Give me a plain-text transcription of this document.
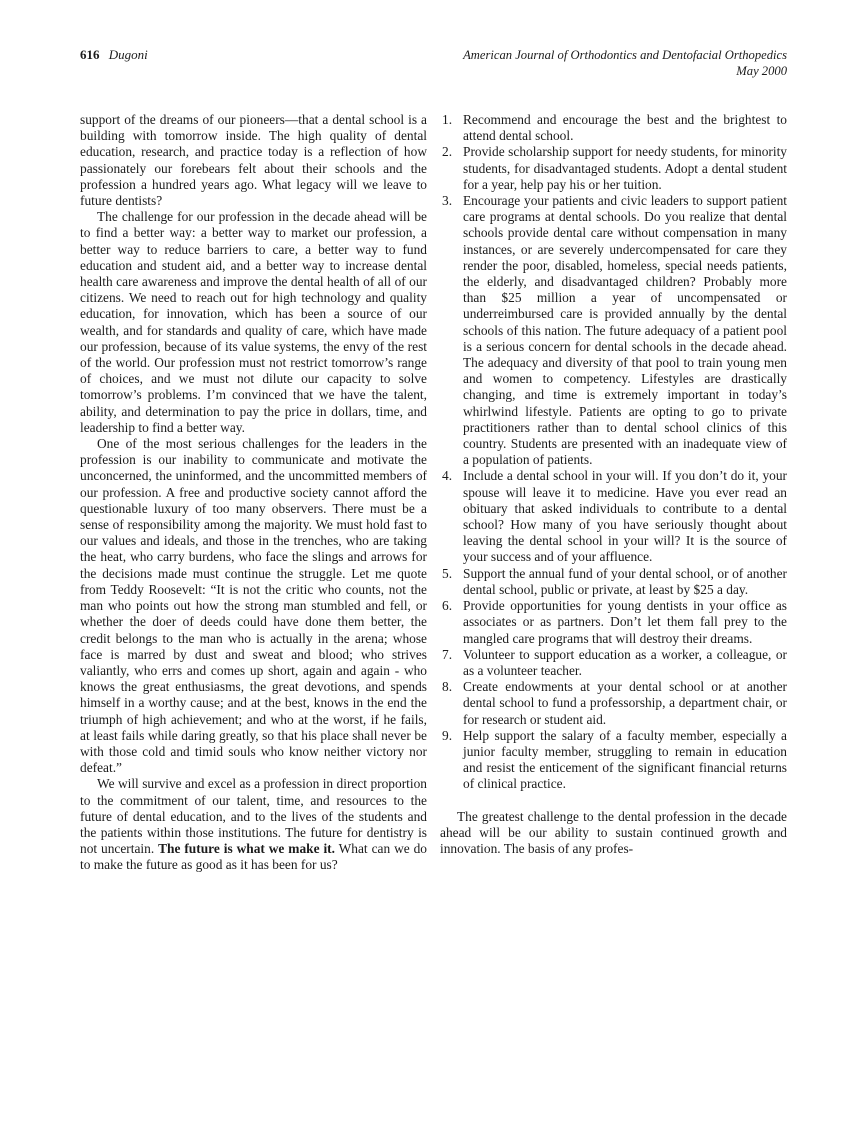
616 Dugoni	American Journal of Orthodontics and Dentofacial Orthopedics
May 2000

support of the dreams of our pioneers—that a dental school is a building with tomorrow inside. The high quality of dental education, research, and practice today is a reflection of how passionately our forebears felt about their schools and the profession a hundred years ago. What legacy will we leave to future dentists?

The challenge for our profession in the decade ahead will be to find a better way: a better way to market our profession, a better way to reduce barriers to care, a better way to fund education and student aid, and a better way to increase dental health care awareness and improve the dental health of all of our citizens. We need to reach out for high technology and quality education, for innovation, which has been a source of our wealth, and for standards and quality of care, which have made our profession, because of its value systems, the envy of the rest of the world. Our profession must not restrict tomorrow’s range of choices, and we must not dilute our capacity to solve tomorrow’s problems. I’m convinced that we have the talent, ability, and determination to pay the price in dollars, time, and leadership to find a better way.

One of the most serious challenges for the leaders in the profession is our inability to communicate and motivate the unconcerned, the uninformed, and the uncommitted members of our profession. A free and productive society cannot afford the questionable luxury of too many observers. There must be a sense of responsibility among the majority. We must hold fast to our values and ideals, and those in the trenches, who are taking the heat, who carry burdens, who face the slings and arrows for the decisions made must continue the struggle. Let me quote from Teddy Roosevelt: “It is not the critic who counts, not the man who points out how the strong man stumbled and fell, or whether the doer of deeds could have done them better, the credit belongs to the man who is actually in the arena; whose face is marred by dust and sweat and blood; who strives valiantly, who errs and comes up short, again and again - who knows the great enthusiasms, the great devotions, and spends himself in a worthy cause; and at the best, knows in the end the triumph of high achievement; and who at the worst, if he fails, at least fails while daring greatly, so that his place shall never be with those cold and timid souls who know neither victory nor defeat.”

We will survive and excel as a profession in direct proportion to the commitment of our talent, time, and resources to the future of dental education, and to the lives of the students and the patients within those institutions. The future for dentistry is not uncertain. The future is what we make it. What can we do to make the future as good as it has been for us?

1. Recommend and encourage the best and the brightest to attend dental school.
2. Provide scholarship support for needy students, for minority students, for disadvantaged students. Adopt a dental student for a year, help pay his or her tuition.
3. Encourage your patients and civic leaders to support patient care programs at dental schools. Do you realize that dental schools provide dental care without compensation in many instances, or are severely undercompensated for care they render the poor, disabled, homeless, special needs patients, the elderly, and disadvantaged children? Probably more than $25 million a year of uncompensated or underreimbursed care is provided annually by the dental schools of this nation. The future adequacy of a patient pool is a serious concern for dental schools in the decade ahead. The adequacy and diversity of that pool to train young men and women to competency. Lifestyles are drastically changing, and time is extremely important in today’s whirlwind lifestyle. Patients are opting to go to private practitioners rather than to dental school clinics of this country. Students are presented with an inadequate view of a population of patients.
4. Include a dental school in your will. If you don’t do it, your spouse will leave it to medicine. Have you ever read an obituary that asked individuals to contribute to a dental school? How many of you have seriously thought about leaving the dental school in your will? It is the source of your success and of your affluence.
5. Support the annual fund of your dental school, or of another dental school, public or private, at least by $25 a day.
6. Provide opportunities for young dentists in your office as associates or as partners. Don’t let them fall prey to the mangled care programs that will destroy their dreams.
7. Volunteer to support education as a worker, a colleague, or as a volunteer teacher.
8. Create endowments at your dental school or at another dental school to fund a professorship, a department chair, or for research or student aid.
9. Help support the salary of a faculty member, especially a junior faculty member, struggling to remain in education and resist the enticement of the significant financial returns of clinical practice.

The greatest challenge to the dental profession in the decade ahead will be our ability to sustain continued growth and innovation. The basis of any profes-
